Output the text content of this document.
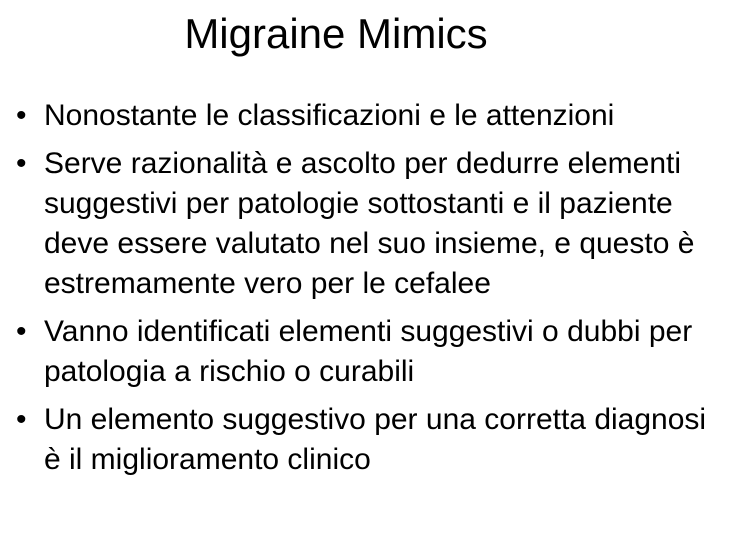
Migraine Mimics
• Nonostante le classificazioni e le attenzioni
• Serve razionalità e ascolto per dedurre elementi suggestivi per patologie sottostanti e il paziente deve essere valutato nel suo insieme, e questo è estremamente vero per le cefalee
• Vanno identificati elementi suggestivi o dubbi per patologia a rischio o curabili
• Un elemento suggestivo per una corretta diagnosi è il miglioramento clinico
